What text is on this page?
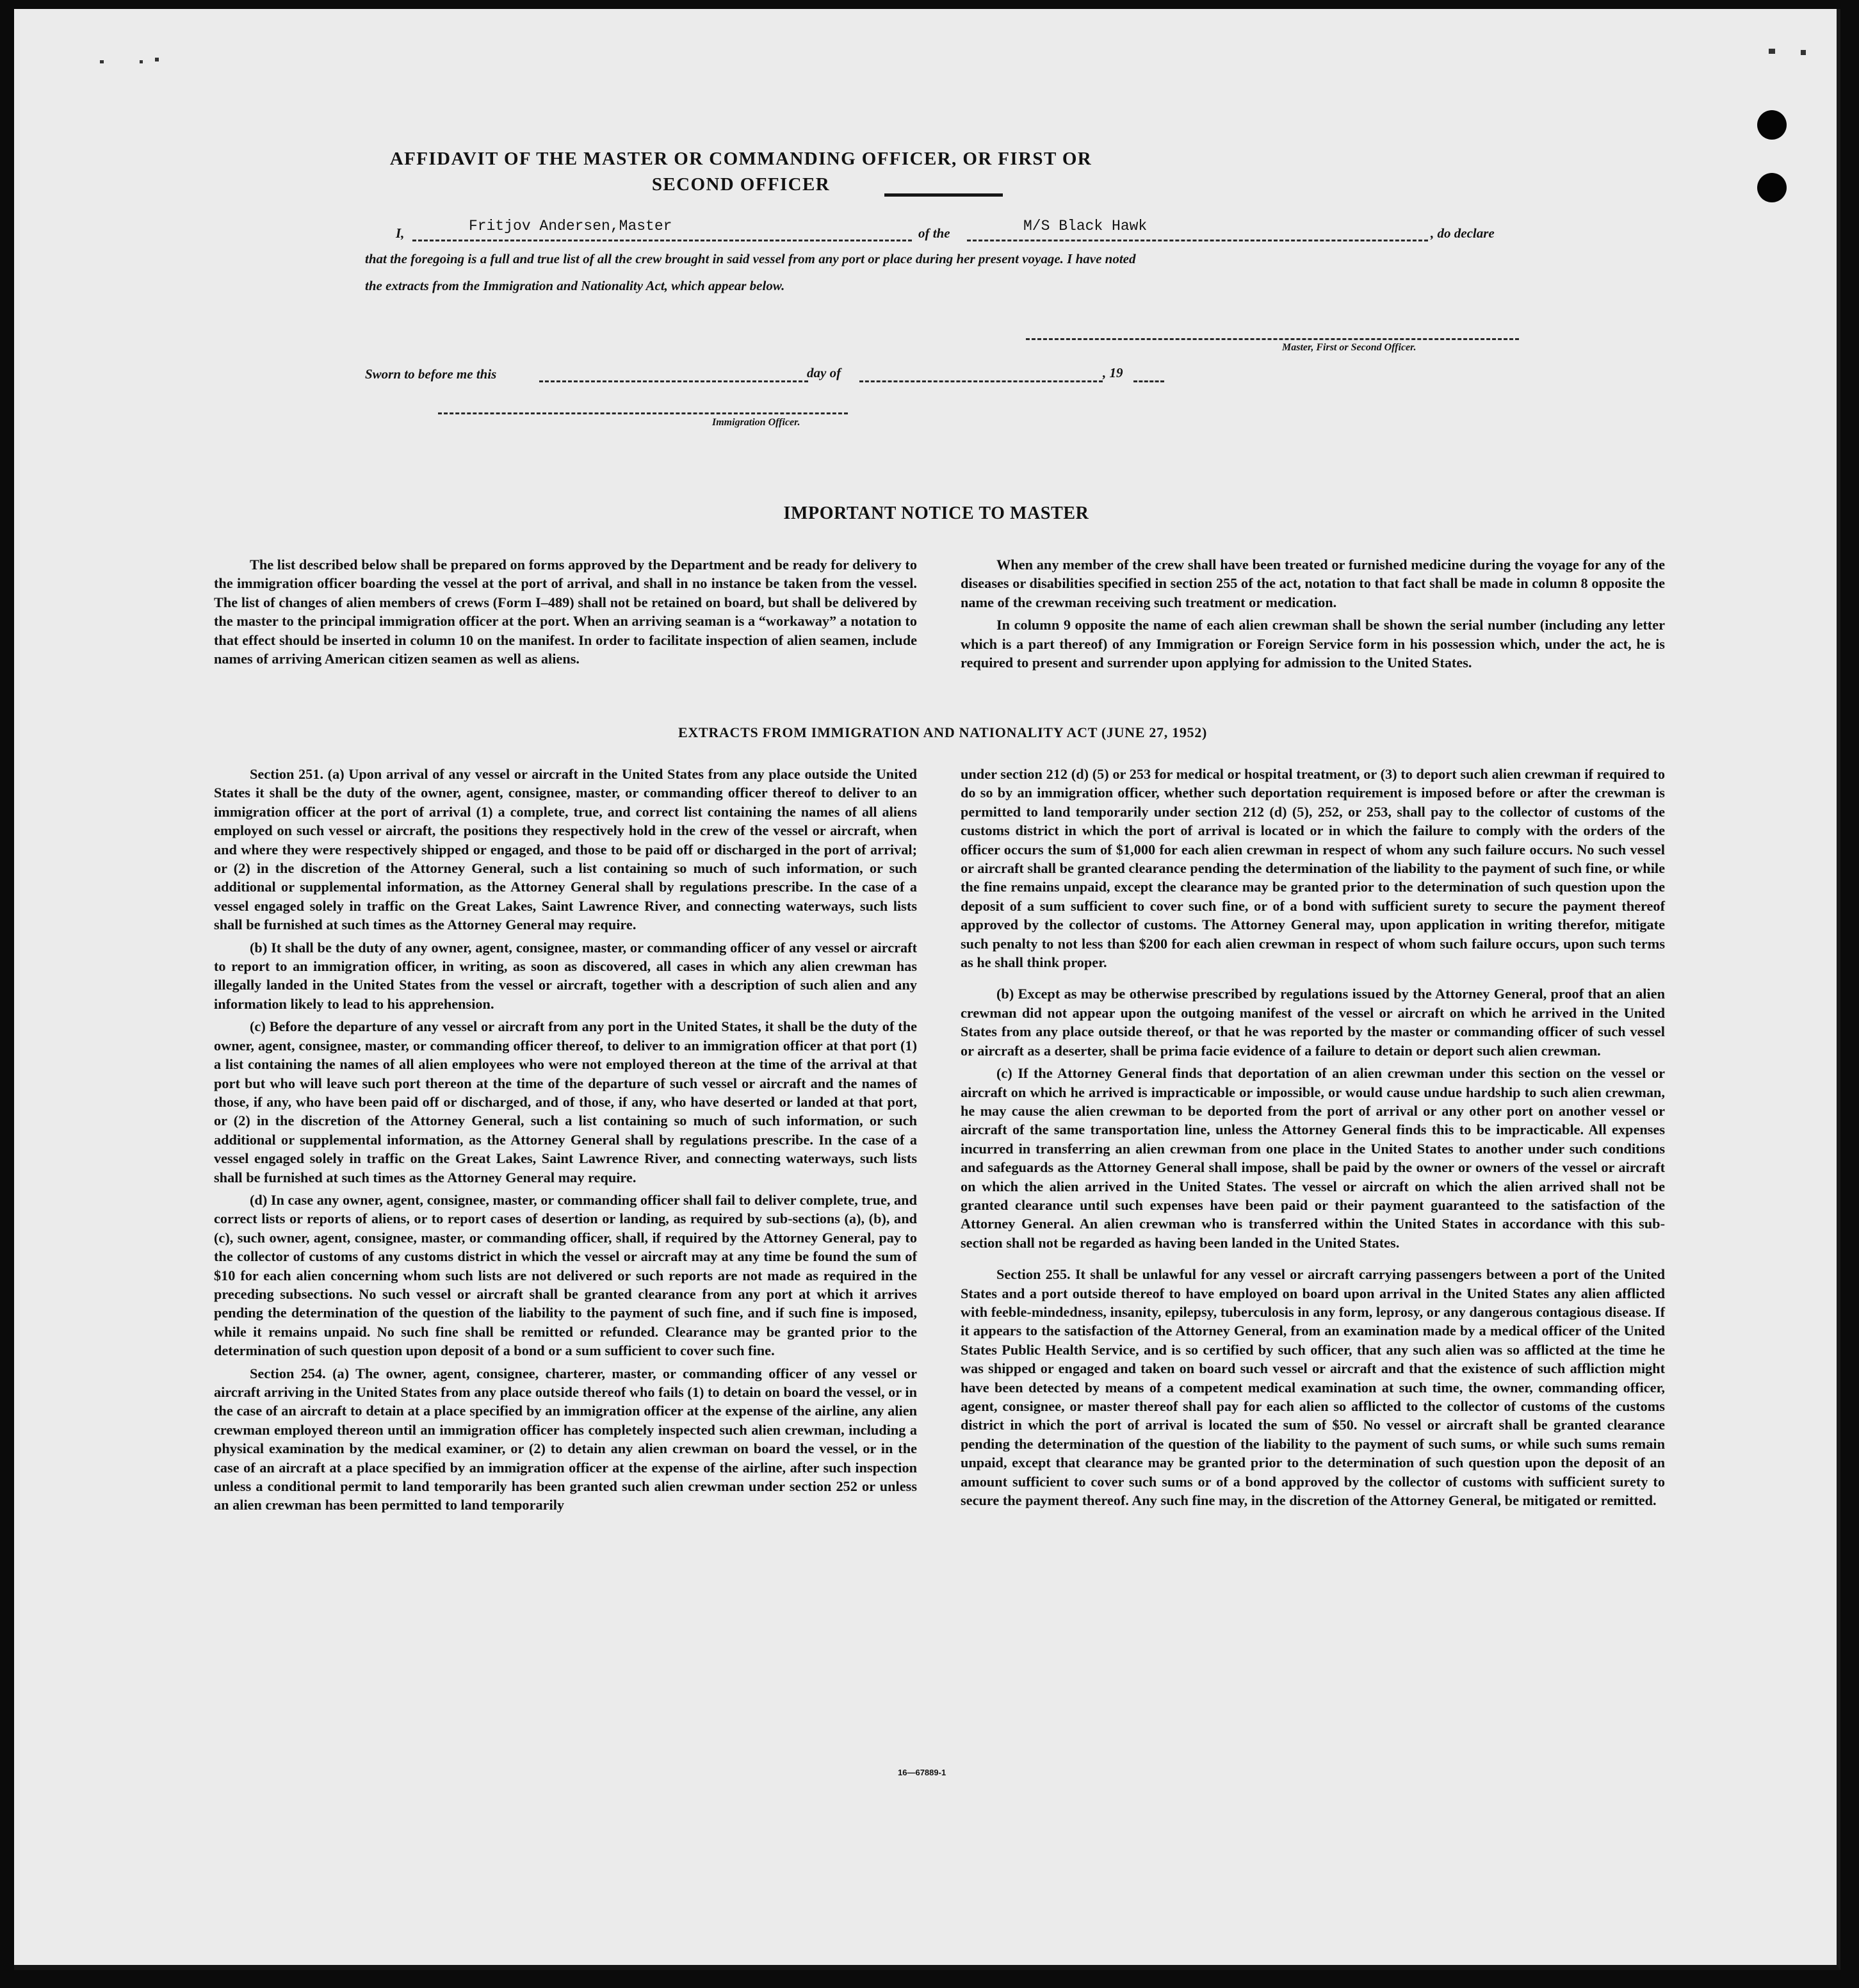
AFFIDAVIT OF THE MASTER OR COMMANDING OFFICER, OR FIRST OR SECOND OFFICER
I,	Fritjov Andersen,Master	of the	M/S Black Hawk	, do declare
that the foregoing is a full and true list of all the crew brought in said vessel from any port or place during her present voyage. I have noted
the extracts from the Immigration and Nationality Act, which appear below.
Master, First or Second Officer.
Sworn to before me this	day of	, 19
Immigration Officer.
IMPORTANT NOTICE TO MASTER

The list described below shall be prepared on forms approved by the Department and be ready for delivery to the immigration officer boarding the vessel at the port of arrival, and shall in no instance be taken from the vessel. The list of changes of alien members of crews (Form I–489) shall not be retained on board, but shall be delivered by the master to the principal immigration officer at the port. When an arriving seaman is a “workaway” a notation to that effect should be inserted in column 10 on the manifest. In order to facilitate inspection of alien seamen, include names of arriving American citizen seamen as well as aliens.

When any member of the crew shall have been treated or furnished medicine during the voyage for any of the diseases or disabilities specified in section 255 of the act, notation to that fact shall be made in column 8 opposite the name of the crewman receiving such treatment or medication.

In column 9 opposite the name of each alien crewman shall be shown the serial number (including any letter which is a part thereof) of any Immigration or Foreign Service form in his possession which, under the act, he is required to present and surrender upon applying for admission to the United States.

EXTRACTS FROM IMMIGRATION AND NATIONALITY ACT (JUNE 27, 1952)

Section 251. (a) Upon arrival of any vessel or aircraft in the United States from any place outside the United States it shall be the duty of the owner, agent, consignee, master, or commanding officer thereof to deliver to an immigration officer at the port of arrival (1) a complete, true, and correct list containing the names of all aliens employed on such vessel or aircraft, the positions they respectively hold in the crew of the vessel or aircraft, when and where they were respectively shipped or engaged, and those to be paid off or discharged in the port of arrival; or (2) in the discretion of the Attorney General, such a list containing so much of such information, or such additional or supplemental information, as the Attorney General shall by regulations prescribe. In the case of a vessel engaged solely in traffic on the Great Lakes, Saint Lawrence River, and connecting waterways, such lists shall be furnished at such times as the Attorney General may require.

(b) It shall be the duty of any owner, agent, consignee, master, or commanding officer of any vessel or aircraft to report to an immigration officer, in writing, as soon as discovered, all cases in which any alien crewman has illegally landed in the United States from the vessel or aircraft, together with a description of such alien and any information likely to lead to his apprehension.

(c) Before the departure of any vessel or aircraft from any port in the United States, it shall be the duty of the owner, agent, consignee, master, or commanding officer thereof, to deliver to an immigration officer at that port (1) a list containing the names of all alien employees who were not employed thereon at the time of the arrival at that port but who will leave such port thereon at the time of the departure of such vessel or aircraft and the names of those, if any, who have been paid off or discharged, and of those, if any, who have deserted or landed at that port, or (2) in the discretion of the Attorney General, such a list containing so much of such information, or such additional or supplemental information, as the Attorney General shall by regulations prescribe. In the case of a vessel engaged solely in traffic on the Great Lakes, Saint Lawrence River, and connecting waterways, such lists shall be furnished at such times as the Attorney General may require.

(d) In case any owner, agent, consignee, master, or commanding officer shall fail to deliver complete, true, and correct lists or reports of aliens, or to report cases of desertion or landing, as required by sub-sections (a), (b), and (c), such owner, agent, consignee, master, or commanding officer, shall, if required by the Attorney General, pay to the collector of customs of any customs district in which the vessel or aircraft may at any time be found the sum of $10 for each alien concerning whom such lists are not delivered or such reports are not made as required in the preceding subsections. No such vessel or aircraft shall be granted clearance from any port at which it arrives pending the determination of the question of the liability to the payment of such fine, and if such fine is imposed, while it remains unpaid. No such fine shall be remitted or refunded. Clearance may be granted prior to the determination of such question upon deposit of a bond or a sum sufficient to cover such fine.

Section 254. (a) The owner, agent, consignee, charterer, master, or commanding officer of any vessel or aircraft arriving in the United States from any place outside thereof who fails (1) to detain on board the vessel, or in the case of an aircraft to detain at a place specified by an immigration officer at the expense of the airline, any alien crewman employed thereon until an immigration officer has completely inspected such alien crewman, including a physical examination by the medical examiner, or (2) to detain any alien crewman on board the vessel, or in the case of an aircraft at a place specified by an immigration officer at the expense of the airline, after such inspection unless a conditional permit to land temporarily has been granted such alien crewman under section 252 or unless an alien crewman has been permitted to land temporarily

under section 212 (d) (5) or 253 for medical or hospital treatment, or (3) to deport such alien crewman if required to do so by an immigration officer, whether such deportation requirement is imposed before or after the crewman is permitted to land temporarily under section 212 (d) (5), 252, or 253, shall pay to the collector of customs of the customs district in which the port of arrival is located or in which the failure to comply with the orders of the officer occurs the sum of $1,000 for each alien crewman in respect of whom any such failure occurs. No such vessel or aircraft shall be granted clearance pending the determination of the liability to the payment of such fine, or while the fine remains unpaid, except the clearance may be granted prior to the determination of such question upon the deposit of a sum sufficient to cover such fine, or of a bond with sufficient surety to secure the payment thereof approved by the collector of customs. The Attorney General may, upon application in writing therefor, mitigate such penalty to not less than $200 for each alien crewman in respect of whom such failure occurs, upon such terms as he shall think proper.

(b) Except as may be otherwise prescribed by regulations issued by the Attorney General, proof that an alien crewman did not appear upon the outgoing manifest of the vessel or aircraft on which he arrived in the United States from any place outside thereof, or that he was reported by the master or commanding officer of such vessel or aircraft as a deserter, shall be prima facie evidence of a failure to detain or deport such alien crewman.

(c) If the Attorney General finds that deportation of an alien crewman under this section on the vessel or aircraft on which he arrived is impracticable or impossible, or would cause undue hardship to such alien crewman, he may cause the alien crewman to be deported from the port of arrival or any other port on another vessel or aircraft of the same transportation line, unless the Attorney General finds this to be impracticable. All expenses incurred in transferring an alien crewman from one place in the United States to another under such conditions and safeguards as the Attorney General shall impose, shall be paid by the owner or owners of the vessel or aircraft on which the alien arrived in the United States. The vessel or aircraft on which the alien arrived shall not be granted clearance until such expenses have been paid or their payment guaranteed to the satisfaction of the Attorney General. An alien crewman who is transferred within the United States in accordance with this sub-section shall not be regarded as having been landed in the United States.

Section 255. It shall be unlawful for any vessel or aircraft carrying passengers between a port of the United States and a port outside thereof to have employed on board upon arrival in the United States any alien afflicted with feeble-mindedness, insanity, epilepsy, tuberculosis in any form, leprosy, or any dangerous contagious disease. If it appears to the satisfaction of the Attorney General, from an examination made by a medical officer of the United States Public Health Service, and is so certified by such officer, that any such alien was so afflicted at the time he was shipped or engaged and taken on board such vessel or aircraft and that the existence of such affliction might have been detected by means of a competent medical examination at such time, the owner, commanding officer, agent, consignee, or master thereof shall pay for each alien so afflicted to the collector of customs of the customs district in which the port of arrival is located the sum of $50. No vessel or aircraft shall be granted clearance pending the determination of the question of the liability to the payment of such sums, or while such sums remain unpaid, except that clearance may be granted prior to the determination of such question upon the deposit of an amount sufficient to cover such sums or of a bond approved by the collector of customs with sufficient surety to secure the payment thereof. Any such fine may, in the discretion of the Attorney General, be mitigated or remitted.

16—67889-1
